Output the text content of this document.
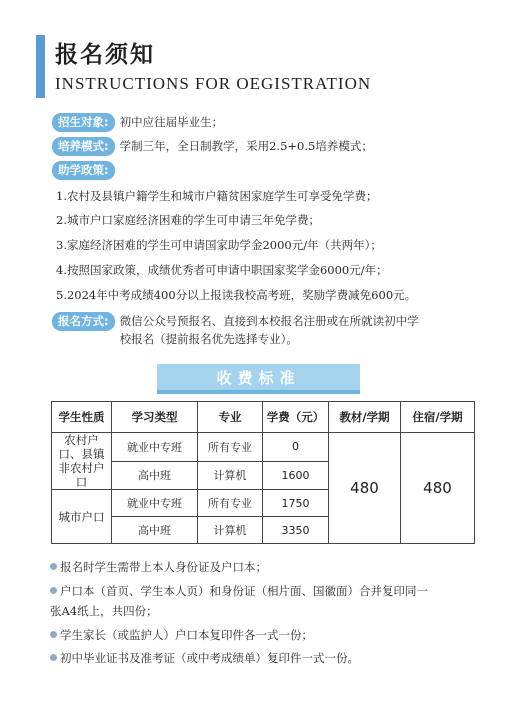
报名须知
INSTRUCTIONS FOR OEGISTRATION
招生对象: 初中应往届毕业生；
培养模式: 学制三年，全日制教学，采用2.5+0.5培养模式；
助学政策:
1.农村及县镇户籍学生和城市户籍贫困家庭学生可享受免学费；
2.城市户口家庭经济困难的学生可申请三年免学费；
3.家庭经济困难的学生可申请国家助学金2000元/年（共两年）；
4.按照国家政策，成绩优秀者可申请中职国家奖学金6000元/年；
5.2024年中考成绩400分以上报读我校高考班，奖励学费减免600元。
报名方式: 微信公众号预报名、直接到本校报名注册或在所就读初中学
校报名（提前报名优先选择专业）。
收费标准
学生性质	学习类型	专业	学费（元）	教材/学期	住宿/学期
农村户口、县镇非农村户口	就业中专班	所有专业	0	480	480
	高中班	计算机	1600		
城市户口	就业中专班	所有专业	1750		
	高中班	计算机	3350		
报名时学生需带上本人身份证及户口本；
户口本（首页、学生本人页）和身份证（相片面、国徽面）合并复印同一
张A4纸上，共四份；
学生家长（或监护人）户口本复印件各一式一份；
初中毕业证书及准考证（或中考成绩单）复印件一式一份。
